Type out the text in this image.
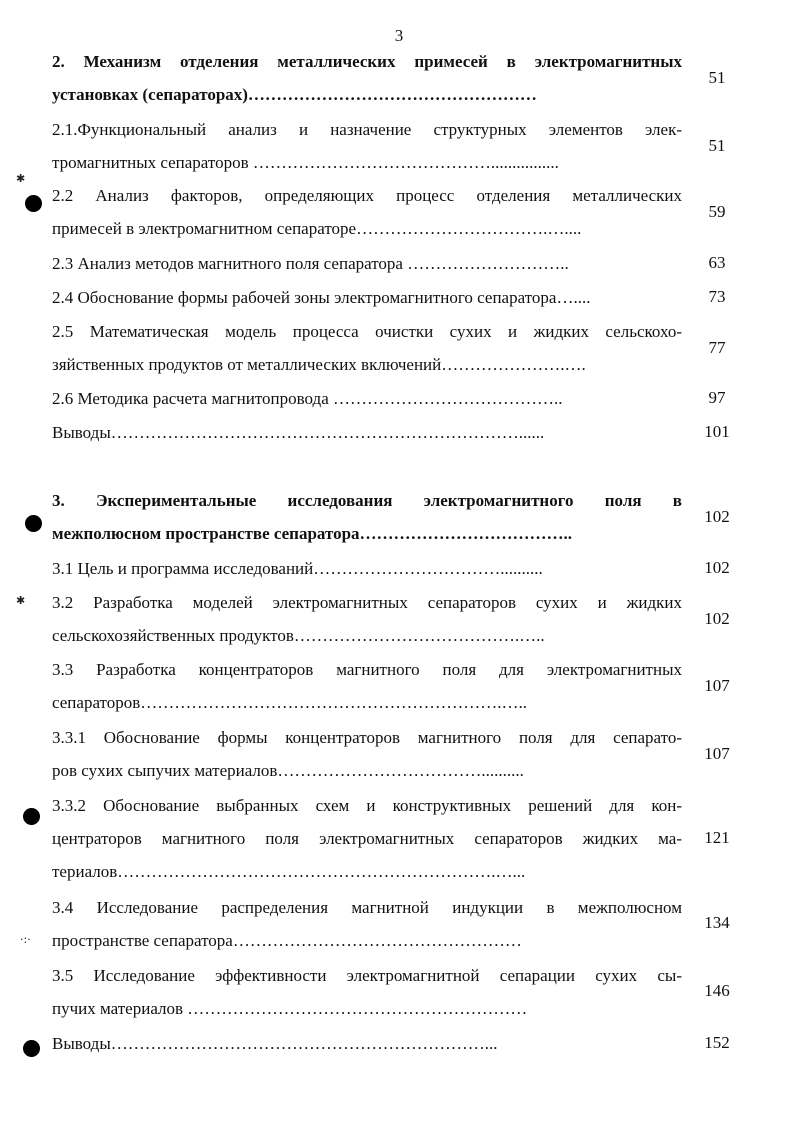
3
2. Механизм отделения металлических примесей в электромагнитных
установках (сепараторах)……………………………………………
51
2.1.Функциональный анализ и назначение структурных элементов элек-
тромагнитных сепараторов ……………………………………................
51
2.2 Анализ факторов, определяющих процесс отделения металлических
примесей в электромагнитном сепараторе…………………………….…....
59
2.3 Анализ методов магнитного поля сепаратора ………………………..	63
2.4 Обоснование формы рабочей зоны электромагнитного сепаратора…....	73
2.5 Математическая модель процесса очистки сухих и жидких сельскохо-
зяйственных продуктов от металлических включений………………….….
77
2.6 Методика расчета магнитопровода …………………………………..	97
Выводы………………………………………………………………......	101
3. Экспериментальные исследования электромагнитного поля в
межполюсном пространстве сепаратора………………………………..
102
3.1 Цель и программа исследований……………………………..........	102
3.2 Разработка моделей электромагнитных сепараторов сухих и жидких
сельскохозяйственных продуктов………………………………….…..
102
3.3 Разработка концентраторов магнитного поля для электромагнитных
сепараторов……………………………………………………….…..
107
3.3.1 Обоснование формы концентраторов магнитного поля для сепарато-
ров сухих сыпучих материалов………………………………..........
107
3.3.2 Обоснование выбранных схем и конструктивных решений для кон-
центраторов магнитного поля электромагнитных сепараторов жидких ма-
териалов………………………………………………………….…...
121
3.4 Исследование распределения магнитной индукции в межполюсном
пространстве сепаратора……………………………………………
134
3.5 Исследование эффективности электромагнитной сепарации сухих сы-
пучих материалов ……………………………………………………
146
Выводы…………………………………………………………...	152
✱
✱
·:·
